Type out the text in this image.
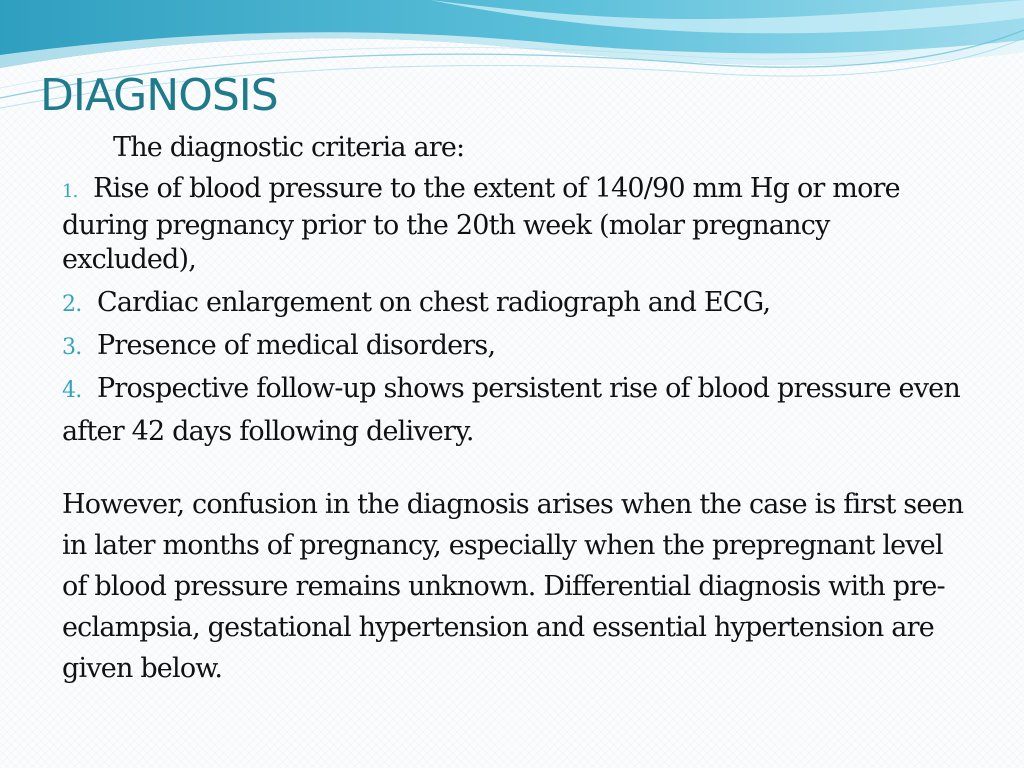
DIAGNOSIS

The diagnostic criteria are:

1. Rise of blood pressure to the extent of 140/90 mm Hg or more during pregnancy prior to the 20th week (molar pregnancy excluded),
2. Cardiac enlargement on chest radiograph and ECG,
3. Presence of medical disorders,
4. Prospective follow-up shows persistent rise of blood pressure even after 42 days following delivery.

However, confusion in the diagnosis arises when the case is first seen in later months of pregnancy, especially when the prepregnant level of blood pressure remains unknown. Differential diagnosis with pre-eclampsia, gestational hypertension and essential hypertension are given below.
